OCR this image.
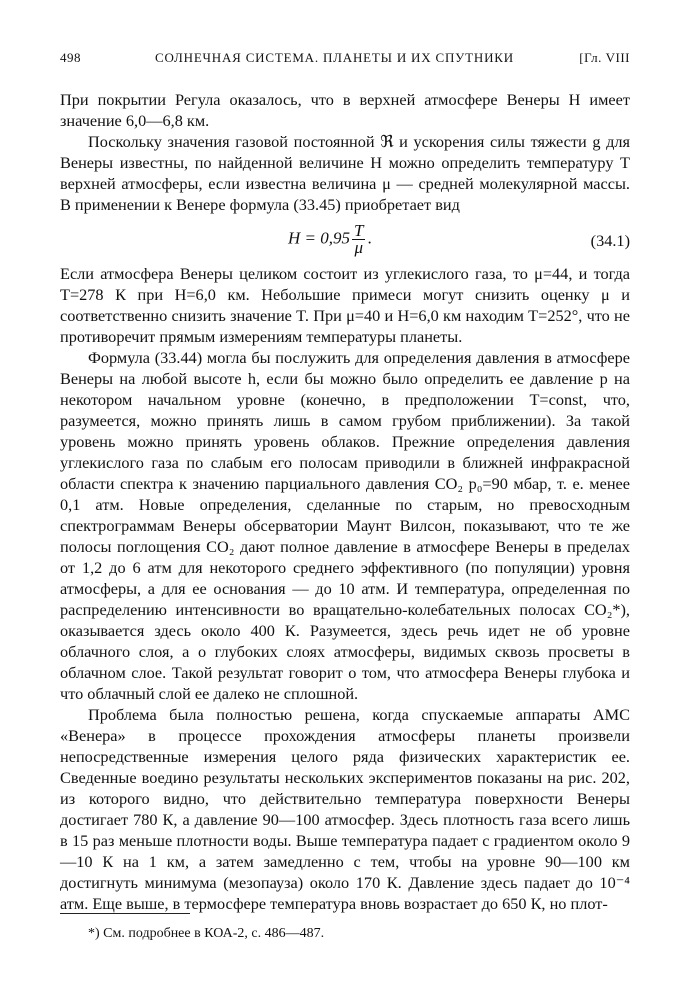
498	СОЛНЕЧНАЯ СИСТЕМА. ПЛАНЕТЫ И ИХ СПУТНИКИ	[Гл. VIII

При покрытии Регула оказалось, что в верхней атмосфере Венеры H имеет значение 6,0—6,8 км.

Поскольку значения газовой постоянной ℜ и ускорения силы тяжести g для Венеры известны, по найденной величине H можно определить температуру T верхней атмосферы, если известна величина μ — средней молекулярной массы. В применении к Венере формула (33.45) приобретает вид

$H = 0,95 \frac{T}{\mu}$ .	(34.1)

Если атмосфера Венеры целиком состоит из углекислого газа, то μ=44, и тогда T=278 К при H=6,0 км. Небольшие примеси могут снизить оценку μ и соответственно снизить значение T. При μ=40 и H=6,0 км находим T=252°, что не противоречит прямым измерениям температуры планеты.

Формула (33.44) могла бы послужить для определения давления в атмосфере Венеры на любой высоте h, если бы можно было определить ее давление p на некотором начальном уровне (конечно, в предположении T=const, что, разумеется, можно принять лишь в самом грубом приближении). За такой уровень можно принять уровень облаков. Прежние определения давления углекислого газа по слабым его полосам приводили в ближней инфракрасной области спектра к значению парциального давления CO₂ p₀=90 мбар, т. е. менее 0,1 атм. Новые определения, сделанные по старым, но превосходным спектрограммам Венеры обсерватории Маунт Вилсон, показывают, что те же полосы поглощения CO₂ дают полное давление в атмосфере Венеры в пределах от 1,2 до 6 атм для некоторого среднего эффективного (по популяции) уровня атмосферы, а для ее основания — до 10 атм. И температура, определенная по распределению интенсивности во вращательно-колебательных полосах CO₂*), оказывается здесь около 400 К. Разумеется, здесь речь идет не об уровне облачного слоя, а о глубоких слоях атмосферы, видимых сквозь просветы в облачном слое. Такой результат говорит о том, что атмосфера Венеры глубока и что облачный слой ее далеко не сплошной.

Проблема была полностью решена, когда спускаемые аппараты АМС «Венера» в процессе прохождения атмосферы планеты произвели непосредственные измерения целого ряда физических характеристик ее. Сведенные воедино результаты нескольких экспериментов показаны на рис. 202, из которого видно, что действительно температура поверхности Венеры достигает 780 К, а давление 90—100 атмосфер. Здесь плотность газа всего лишь в 15 раз меньше плотности воды. Выше температура падает с градиентом около 9—10 К на 1 км, а затем замедленно с тем, чтобы на уровне 90—100 км достигнуть минимума (мезопауза) около 170 К. Давление здесь падает до 10⁻⁴ атм. Еще выше, в термосфере температура вновь возрастает до 650 К, но плот-

*) См. подробнее в КОА-2, с. 486—487.
